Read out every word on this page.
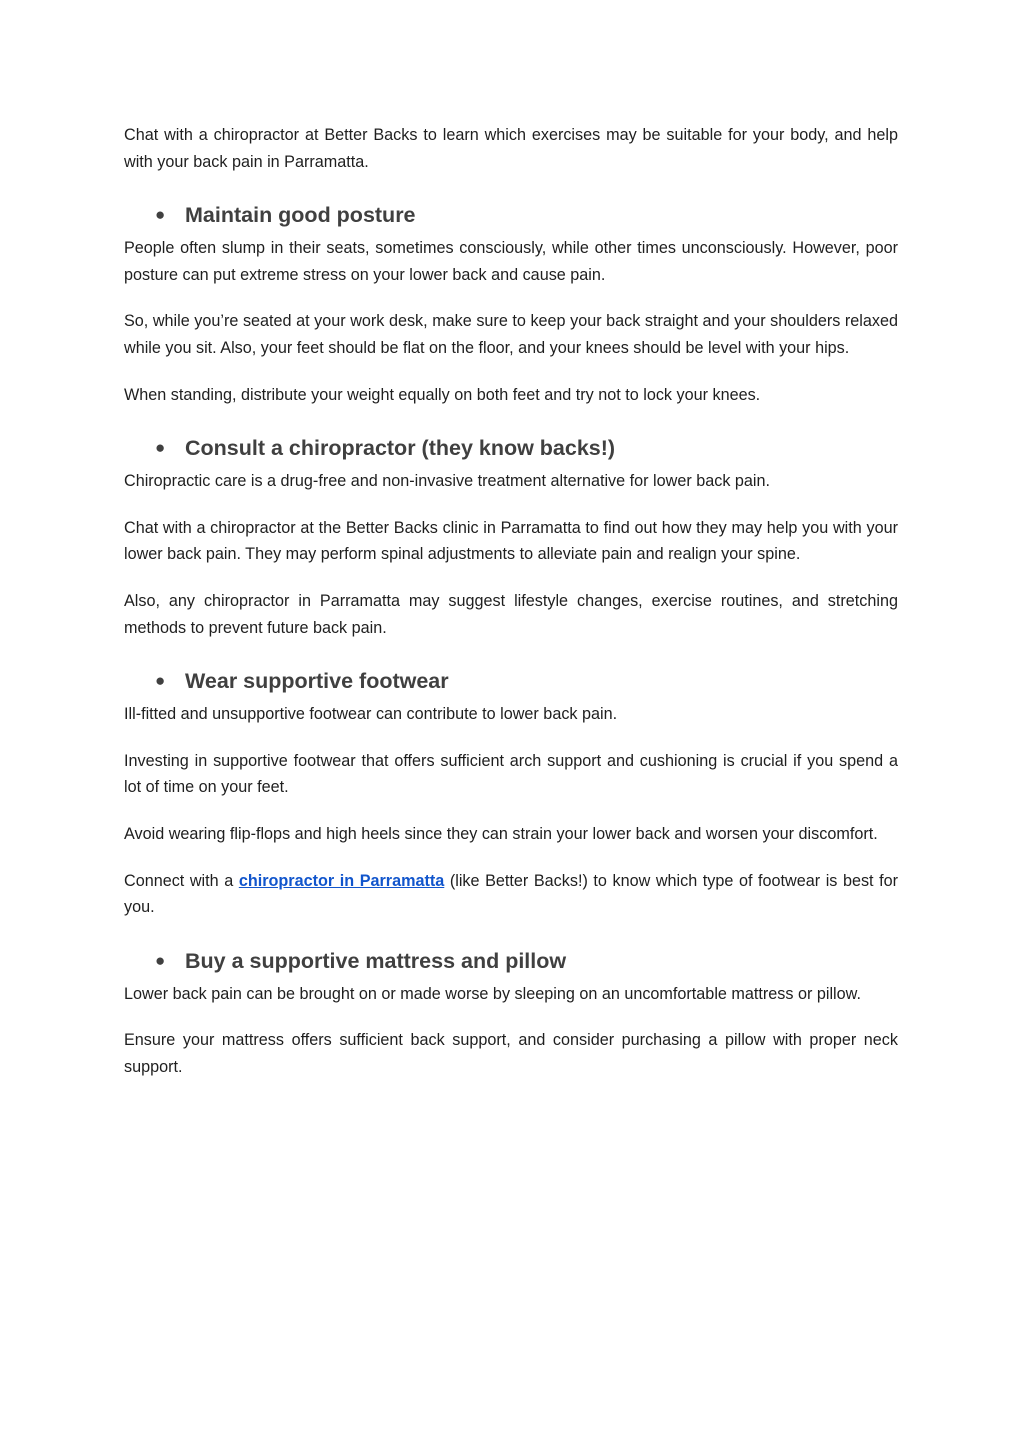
Chat with a chiropractor at Better Backs to learn which exercises may be suitable for your body, and help with your back pain in Parramatta.

● Maintain good posture

People often slump in their seats, sometimes consciously, while other times unconsciously. However, poor posture can put extreme stress on your lower back and cause pain.

So, while you’re seated at your work desk, make sure to keep your back straight and your shoulders relaxed while you sit. Also, your feet should be flat on the floor, and your knees should be level with your hips.

When standing, distribute your weight equally on both feet and try not to lock your knees.

● Consult a chiropractor (they know backs!)

Chiropractic care is a drug-free and non-invasive treatment alternative for lower back pain.

Chat with a chiropractor at the Better Backs clinic in Parramatta to find out how they may help you with your lower back pain. They may perform spinal adjustments to alleviate pain and realign your spine.

Also, any chiropractor in Parramatta may suggest lifestyle changes, exercise routines, and stretching methods to prevent future back pain.

● Wear supportive footwear

Ill-fitted and unsupportive footwear can contribute to lower back pain.

Investing in supportive footwear that offers sufficient arch support and cushioning is crucial if you spend a lot of time on your feet.

Avoid wearing flip-flops and high heels since they can strain your lower back and worsen your discomfort.

Connect with a chiropractor in Parramatta (like Better Backs!) to know which type of footwear is best for you.

● Buy a supportive mattress and pillow

Lower back pain can be brought on or made worse by sleeping on an uncomfortable mattress or pillow.

Ensure your mattress offers sufficient back support, and consider purchasing a pillow with proper neck support.
